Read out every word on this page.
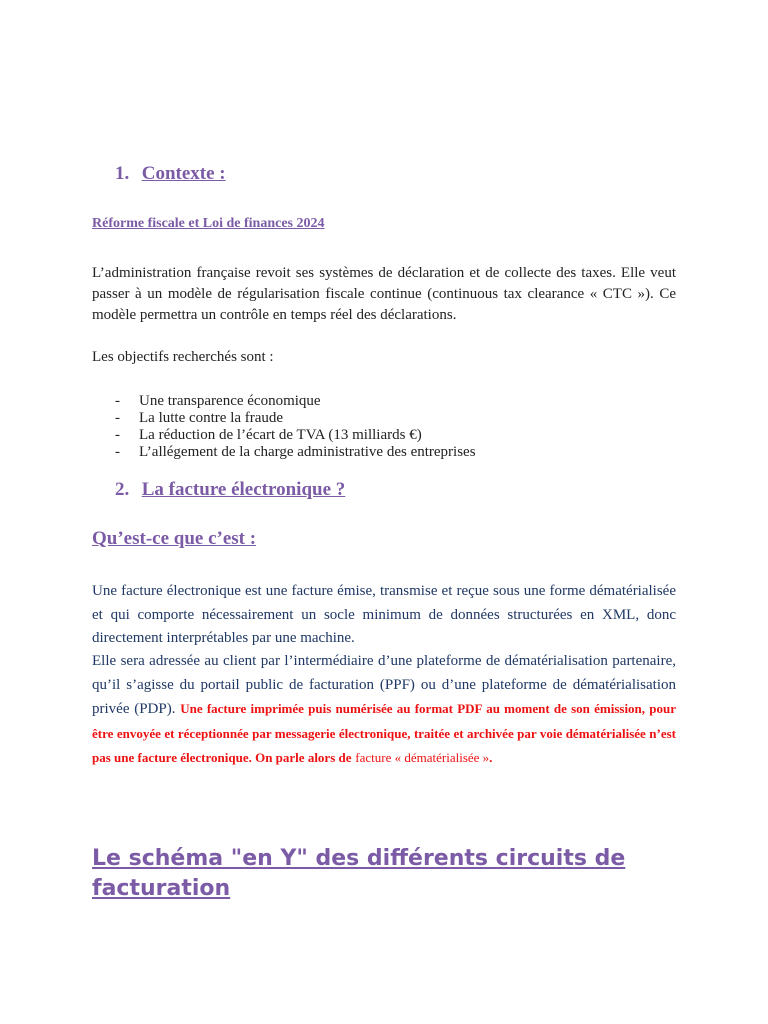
1. Contexte :
Réforme fiscale et Loi de finances 2024
L’administration française revoit ses systèmes de déclaration et de collecte des taxes. Elle veut passer à un modèle de régularisation fiscale continue (continuous tax clearance « CTC »). Ce modèle permettra un contrôle en temps réel des déclarations.
Les objectifs recherchés sont :
- Une transparence économique
- La lutte contre la fraude
- La réduction de l’écart de TVA (13 milliards €)
- L’allégement de la charge administrative des entreprises
2. La facture électronique ?
Qu’est-ce que c’est :
Une facture électronique est une facture émise, transmise et reçue sous une forme dématérialisée et qui comporte nécessairement un socle minimum de données structurées en XML, donc directement interprétables par une machine.
Elle sera adressée au client par l’intermédiaire d’une plateforme de dématérialisation partenaire, qu’il s’agisse du portail public de facturation (PPF) ou d’une plateforme de dématérialisation privée (PDP). Une facture imprimée puis numérisée au format PDF au moment de son émission, pour être envoyée et réceptionnée par messagerie électronique, traitée et archivée par voie dématérialisée n’est pas une facture électronique. On parle alors de facture « dématérialisée ».
Le schéma "en Y" des différents circuits de facturation
